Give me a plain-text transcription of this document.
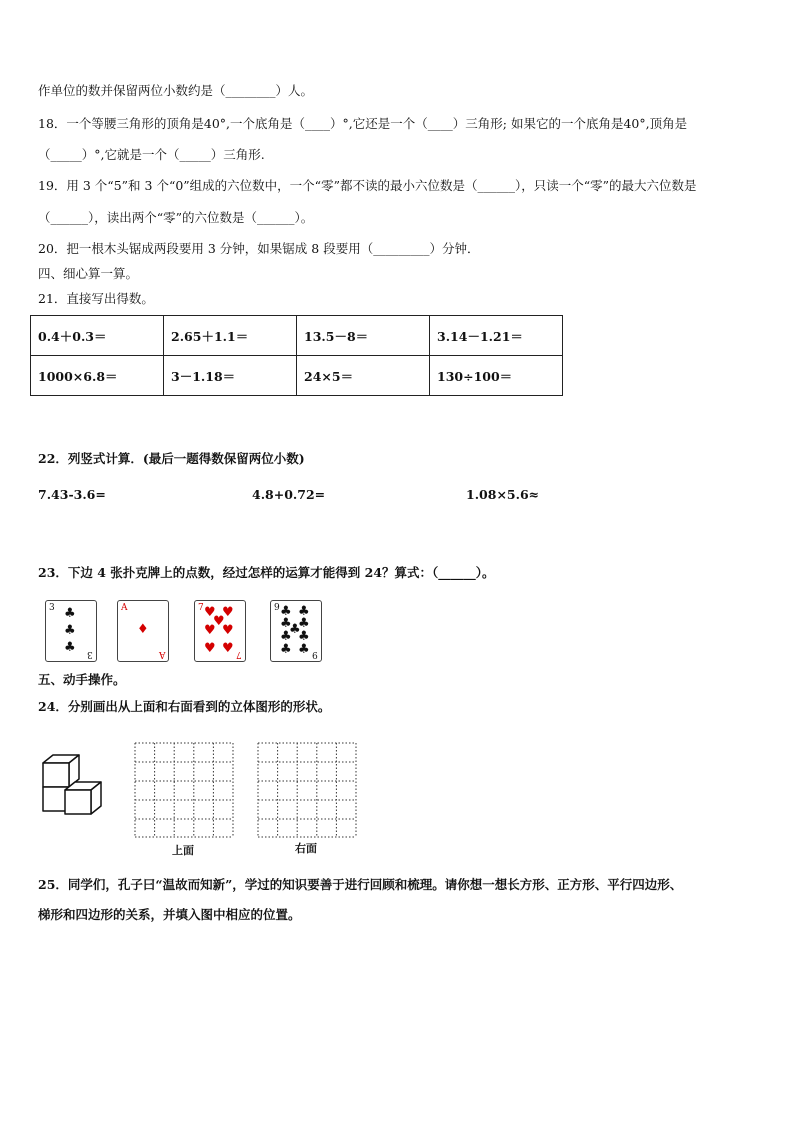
作单位的数并保留两位小数约是（________）人。
18．一个等腰三角形的顶角是40°,一个底角是（____）°,它还是一个（____）三角形; 如果它的一个底角是40°,顶角是
（_____）°,它就是一个（_____）三角形.
19．用 3 个“5”和 3 个“0”组成的六位数中，一个“零”都不读的最小六位数是（______），只读一个“零”的最大六位数是
（______），读出两个“零”的六位数是（______）。
20．把一根木头锯成两段要用 3 分钟，如果锯成 8 段要用（_________）分钟．
四、细心算一算。
21．直接写出得数。
0.4＋0.3＝	2.65＋1.1＝	13.5－8＝	3.14－1.21＝
1000×6.8＝	3－1.18＝	24×5＝	130÷100＝
22．列竖式计算．(最后一题得数保留两位小数)
7.43-3.6=	4.8+0.72=	1.08×5.6≈
23．下边 4 张扑克牌上的点数，经过怎样的运算才能得到 24？算式：（______）。
3
3
♣
♣
♣
A
A
♦
7
7
♥ ♥
♥
♥ ♥
♥ ♥
9
9
♣ ♣
♣ ♣
♣
♣ ♣
♣ ♣
五、动手操作。
24．分别画出从上面和右面看到的立体图形的形状。
上面	右面
25．同学们，孔子曰“温故而知新”，学过的知识要善于进行回顾和梳理。请你想一想长方形、正方形、平行四边形、
梯形和四边形的关系，并填入图中相应的位置。
